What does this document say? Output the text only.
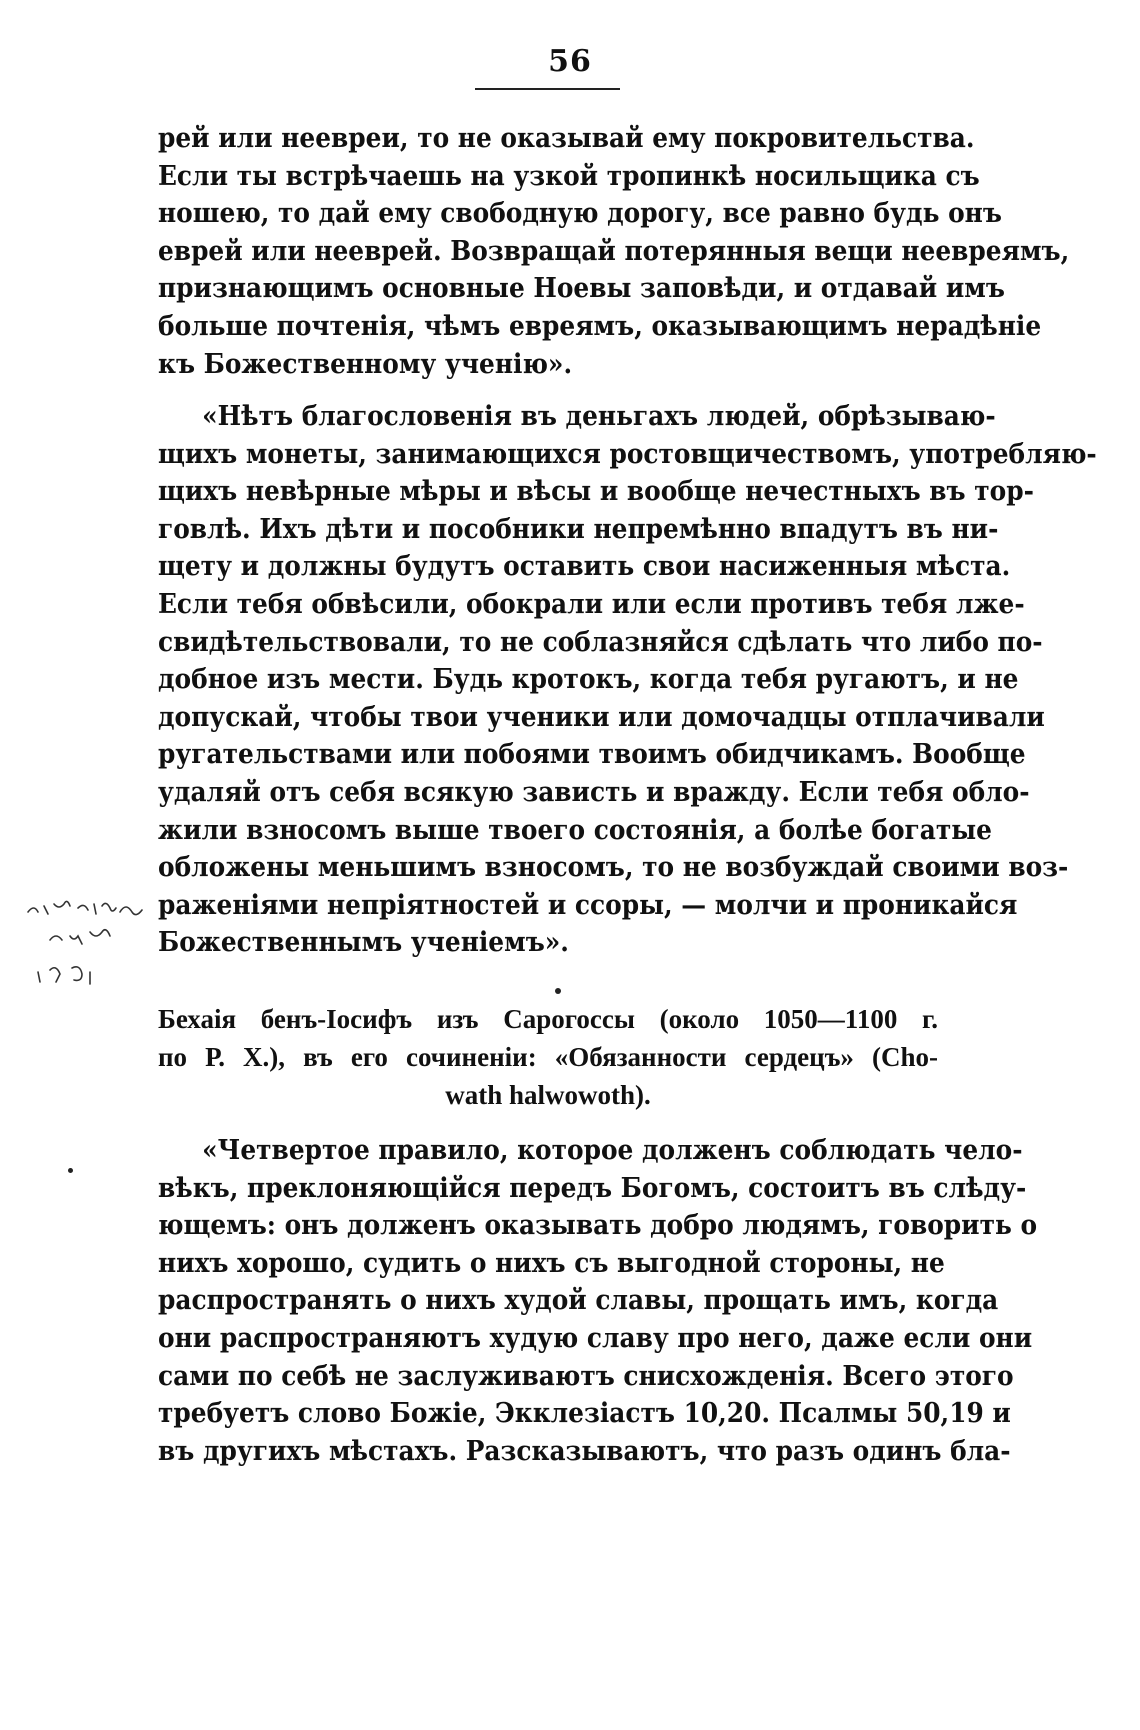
56
рей или неевреи, то не оказывай ему покровительства.
Если ты встрѣчаешь на узкой тропинкѣ носильщика съ
ношею, то дай ему свободную дорогу, все равно будь онъ
еврей или нееврей. Возвращай потерянныя вещи неевреямъ,
признающимъ основные Ноевы заповѣди, и отдавай имъ
больше почтенія, чѣмъ евреямъ, оказывающимъ нерадѣніе
къ Божественному ученію».
«Нѣтъ благословенія въ деньгахъ людей, обрѣзываю-
щихъ монеты, занимающихся ростовщичествомъ, употребляю-
щихъ невѣрные мѣры и вѣсы и вообще нечестныхъ въ тор-
говлѣ. Ихъ дѣти и пособники непремѣнно впадутъ въ ни-
щету и должны будутъ оставить свои насиженныя мѣста.
Если тебя обвѣсили, обокрали или если противъ тебя лже-
свидѣтельствовали, то не соблазняйся сдѣлать что либо по-
добное изъ мести. Будь кротокъ, когда тебя ругаютъ, и не
допускай, чтобы твои ученики или домочадцы отплачивали
ругательствами или побоями твоимъ обидчикамъ. Вообще
удаляй отъ себя всякую зависть и вражду. Если тебя обло-
жили взносомъ выше твоего состоянія, а болѣе богатые
обложены меньшимъ взносомъ, то не возбуждай своими воз-
раженіями непріятностей и ссоры, — молчи и проникайся
Божественнымъ ученіемъ».
Бехаія бенъ-Іосифъ изъ Сарогоссы (около 1050—1100 г.
по Р. Х.), въ его сочиненіи: «Обязанности сердецъ» (Cho-
wath halwowoth).
«Четвертое правило, которое долженъ соблюдать чело-
вѣкъ, преклоняющійся передъ Богомъ, состоитъ въ слѣду-
ющемъ: онъ долженъ оказывать добро людямъ, говорить о
нихъ хорошо, судить о нихъ съ выгодной стороны, не
распространять о нихъ худой славы, прощать имъ, когда
они распространяютъ худую славу про него, даже если они
сами по себѣ не заслуживаютъ снисхожденія. Всего этого
требуетъ слово Божіе, Экклезіастъ 10,20. Псалмы 50,19 и
въ другихъ мѣстахъ. Разсказываютъ, что разъ одинъ бла-
